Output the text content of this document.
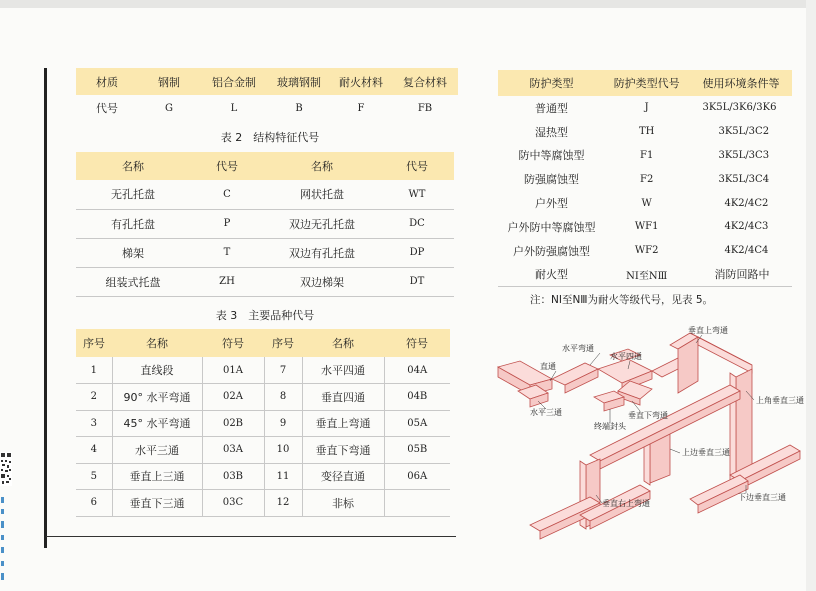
材质	钢制	铝合金制	玻璃钢制	耐火材料	复合材料
代号	G	L	B	F	FB
表 2　结构特征代号
名称	代号	名称	代号
无孔托盘	C	网状托盘	WT
有孔托盘	P	双边无孔托盘	DC
梯架	T	双边有孔托盘	DP
组装式托盘	ZH	双边梯架	DT
表 3　主要品种代号
序号	名称	符号	序号	名称	符号
1	直线段	01A	7	水平四通	04A
2	90° 水平弯通	02A	8	垂直四通	04B
3	45° 水平弯通	02B	9	垂直上弯通	05A
4	水平三通	03A	10	垂直下弯通	05B
5	垂直上三通	03B	11	变径直通	06A
6	垂直下三通	03C	12	非标	
防护类型	防护类型代号	使用环境条件等
普通型	J	3K5L/3K6/3K6
湿热型	TH	3K5L/3C2
防中等腐蚀型	F1	3K5L/3C3
防强腐蚀型	F2	3K5L/3C4
户外型	W	4K2/4C2
户外防中等腐蚀型	WF1	4K2/4C3
户外防强腐蚀型	WF2	4K2/4C4
耐火型	NⅠ至NⅢ	消防回路中
注：NⅠ至NⅢ为耐火等级代号，见表 5。
垂直上弯通
水平弯通
水平四通
直通
水平三通	垂直下弯通
终端封头
上角垂直三通
上边垂直三通
垂直右上弯通
下边垂直三通
